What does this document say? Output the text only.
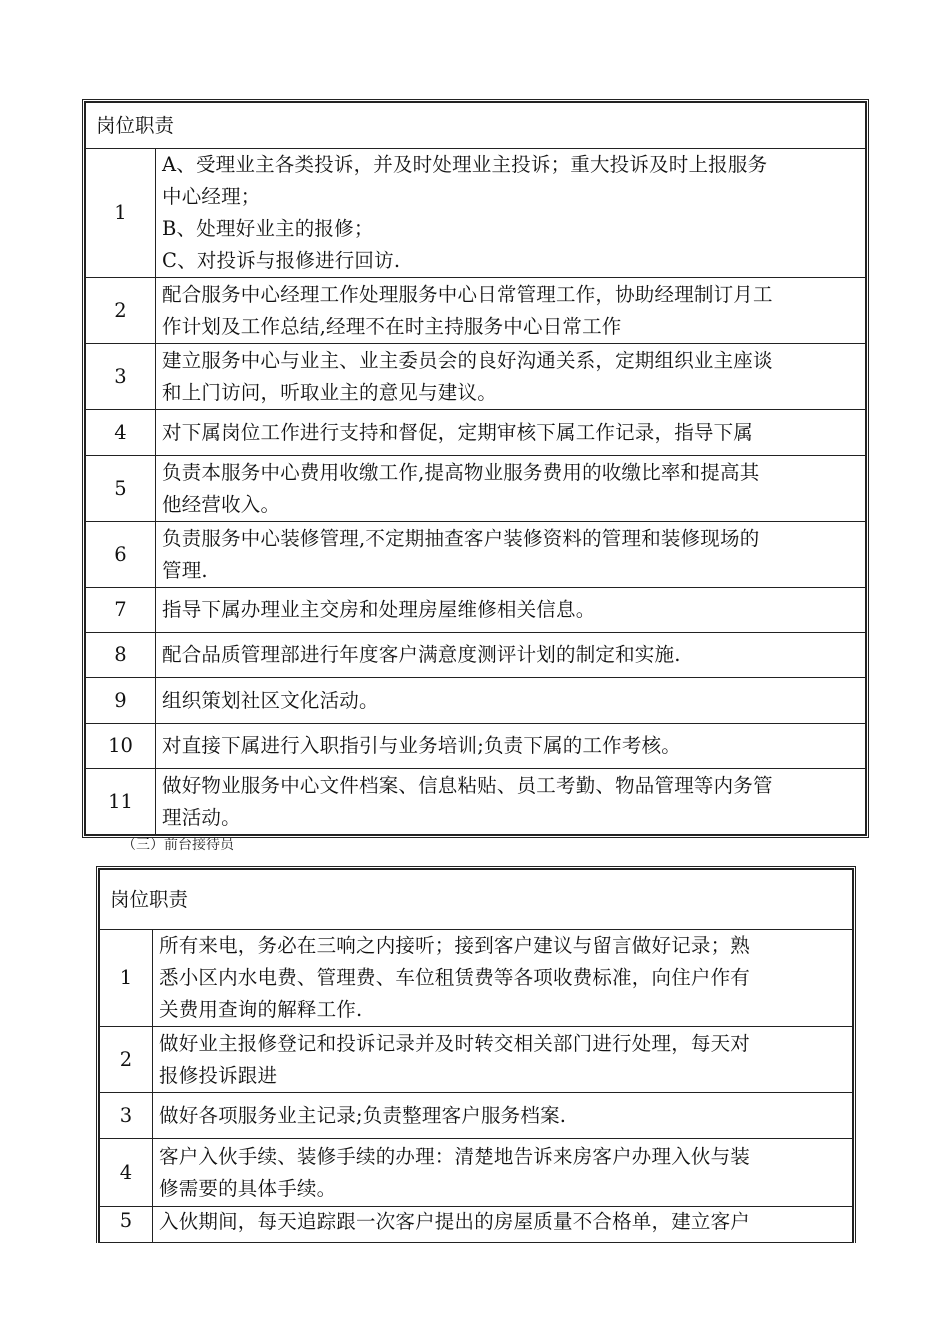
岗位职责	
1	A、受理业主各类投诉，并及时处理业主投诉；重大投诉及时上报服务
中心经理；
B、处理好业主的报修；
C、对投诉与报修进行回访.

2	配合服务中心经理工作处理服务中心日常管理工作，协助经理制订月工
作计划及工作总结,经理不在时主持服务中心日常工作

3	建立服务中心与业主、业主委员会的良好沟通关系，定期组织业主座谈
和上门访问，听取业主的意见与建议。

4	对下属岗位工作进行支持和督促，定期审核下属工作记录，指导下属

5	负责本服务中心费用收缴工作,提高物业服务费用的收缴比率和提高其
他经营收入。

6	负责服务中心装修管理,不定期抽查客户装修资料的管理和装修现场的
管理.

7	指导下属办理业主交房和处理房屋维修相关信息。

8	配合品质管理部进行年度客户满意度测评计划的制定和实施.

9	组织策划社区文化活动。

10	对直接下属进行入职指引与业务培训;负责下属的工作考核。

11	做好物业服务中心文件档案、信息粘贴、员工考勤、物品管理等内务管
理活动。
（三）前台接待员
岗位职责	
1	所有来电，务必在三响之内接听；接到客户建议与留言做好记录；熟
悉小区内水电费、管理费、车位租赁费等各项收费标准，向住户作有
关费用查询的解释工作.

2	做好业主报修登记和投诉记录并及时转交相关部门进行处理，每天对
报修投诉跟进

3	做好各项服务业主记录;负责整理客户服务档案.

4	客户入伙手续、装修手续的办理：清楚地告诉来房客户办理入伙与装
修需要的具体手续。

5	入伙期间，每天追踪跟一次客户提出的房屋质量不合格单，建立客户
